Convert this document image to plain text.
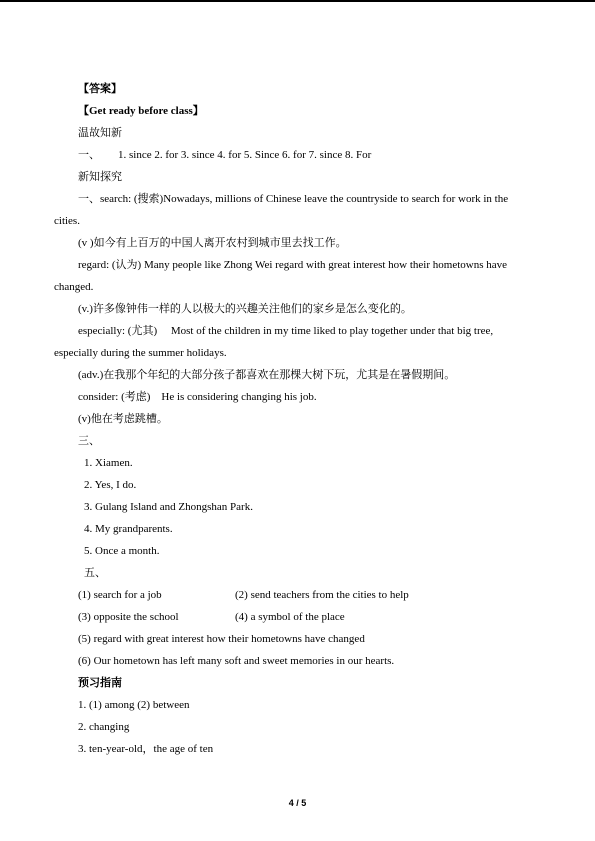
【答案】
【Get ready before class】
温故知新
一、 1. since 2. for 3. since 4. for 5. Since 6. for 7. since 8. For
新知探究
一、search: (搜索)Nowadays, millions of Chinese leave the countryside to search for work in the
cities.
(v )如今有上百万的中国人离开农村到城市里去找工作。
regard: (认为) Many people like Zhong Wei regard with great interest how their hometowns have
changed.
(v.)许多像钟伟一样的人以极大的兴趣关注他们的家乡是怎么变化的。
especially: (尤其)　 Most of the children in my time liked to play together under that big tree,
especially during the summer holidays.
(adv.)在我那个年纪的大部分孩子都喜欢在那棵大树下玩，尤其是在暑假期间。
consider: (考虑)　He is considering changing his job.
(v)他在考虑跳槽。
三、
1. Xiamen.
2. Yes, I do.
3. Gulang Island and Zhongshan Park.
4. My grandparents.
5. Once a month.
五、
(1) search for a job	(2) send teachers from the cities to help
(3) opposite the school	(4) a symbol of the place
(5) regard with great interest how their hometowns have changed
(6) Our hometown has left many soft and sweet memories in our hearts.
预习指南
1. (1) among (2) between
2. changing
3. ten-year-old，the age of ten
4 / 5
